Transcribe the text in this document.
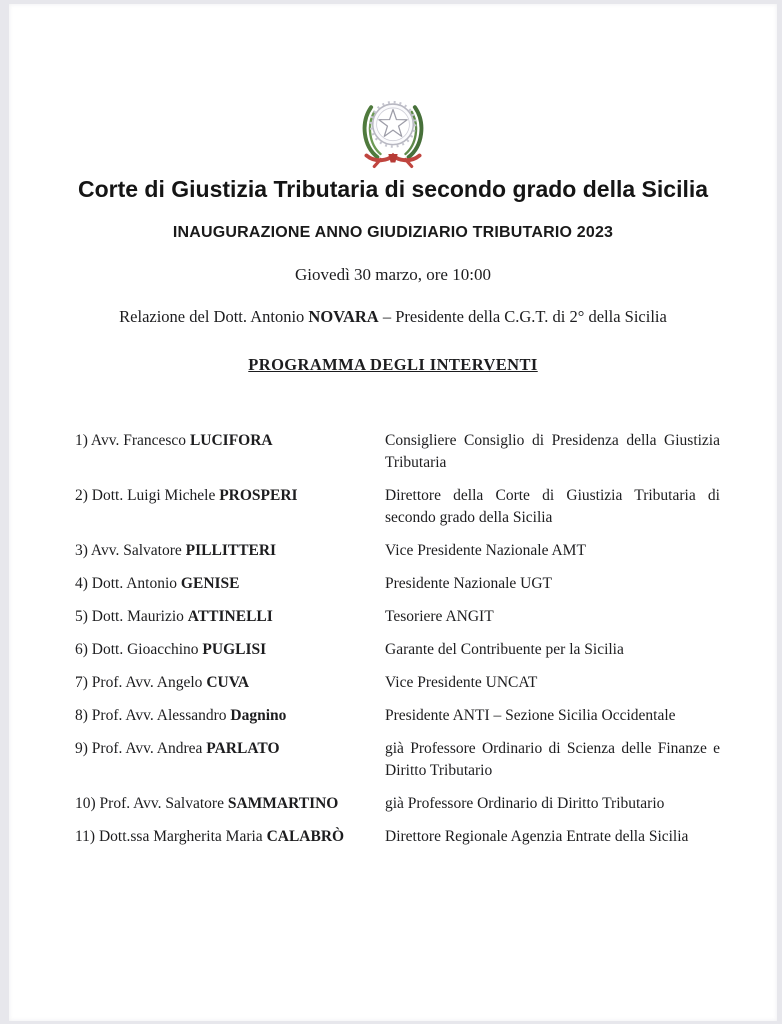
Corte di Giustizia Tributaria di secondo grado della Sicilia
INAUGURAZIONE ANNO GIUDIZIARIO TRIBUTARIO 2023
Giovedì 30 marzo, ore 10:00
Relazione del Dott. Antonio NOVARA – Presidente della C.G.T. di 2° della Sicilia
PROGRAMMA DEGLI INTERVENTI
1) Avv. Francesco LUCIFORA	Consigliere Consiglio di Presidenza della Giustizia Tributaria
2) Dott. Luigi Michele PROSPERI	Direttore della Corte di Giustizia Tributaria di secondo grado della Sicilia
3) Avv. Salvatore PILLITTERI	Vice Presidente Nazionale AMT
4) Dott. Antonio GENISE	Presidente Nazionale UGT
5) Dott. Maurizio ATTINELLI	Tesoriere ANGIT
6) Dott. Gioacchino PUGLISI	Garante del Contribuente per la Sicilia
7) Prof. Avv. Angelo CUVA	Vice Presidente UNCAT
8) Prof. Avv. Alessandro Dagnino	Presidente ANTI – Sezione Sicilia Occidentale
9) Prof. Avv. Andrea PARLATO	già Professore Ordinario di Scienza delle Finanze e Diritto Tributario
10) Prof. Avv. Salvatore SAMMARTINO	già Professore Ordinario di Diritto Tributario
11) Dott.ssa Margherita Maria CALABRÒ	Direttore Regionale Agenzia Entrate della Sicilia
